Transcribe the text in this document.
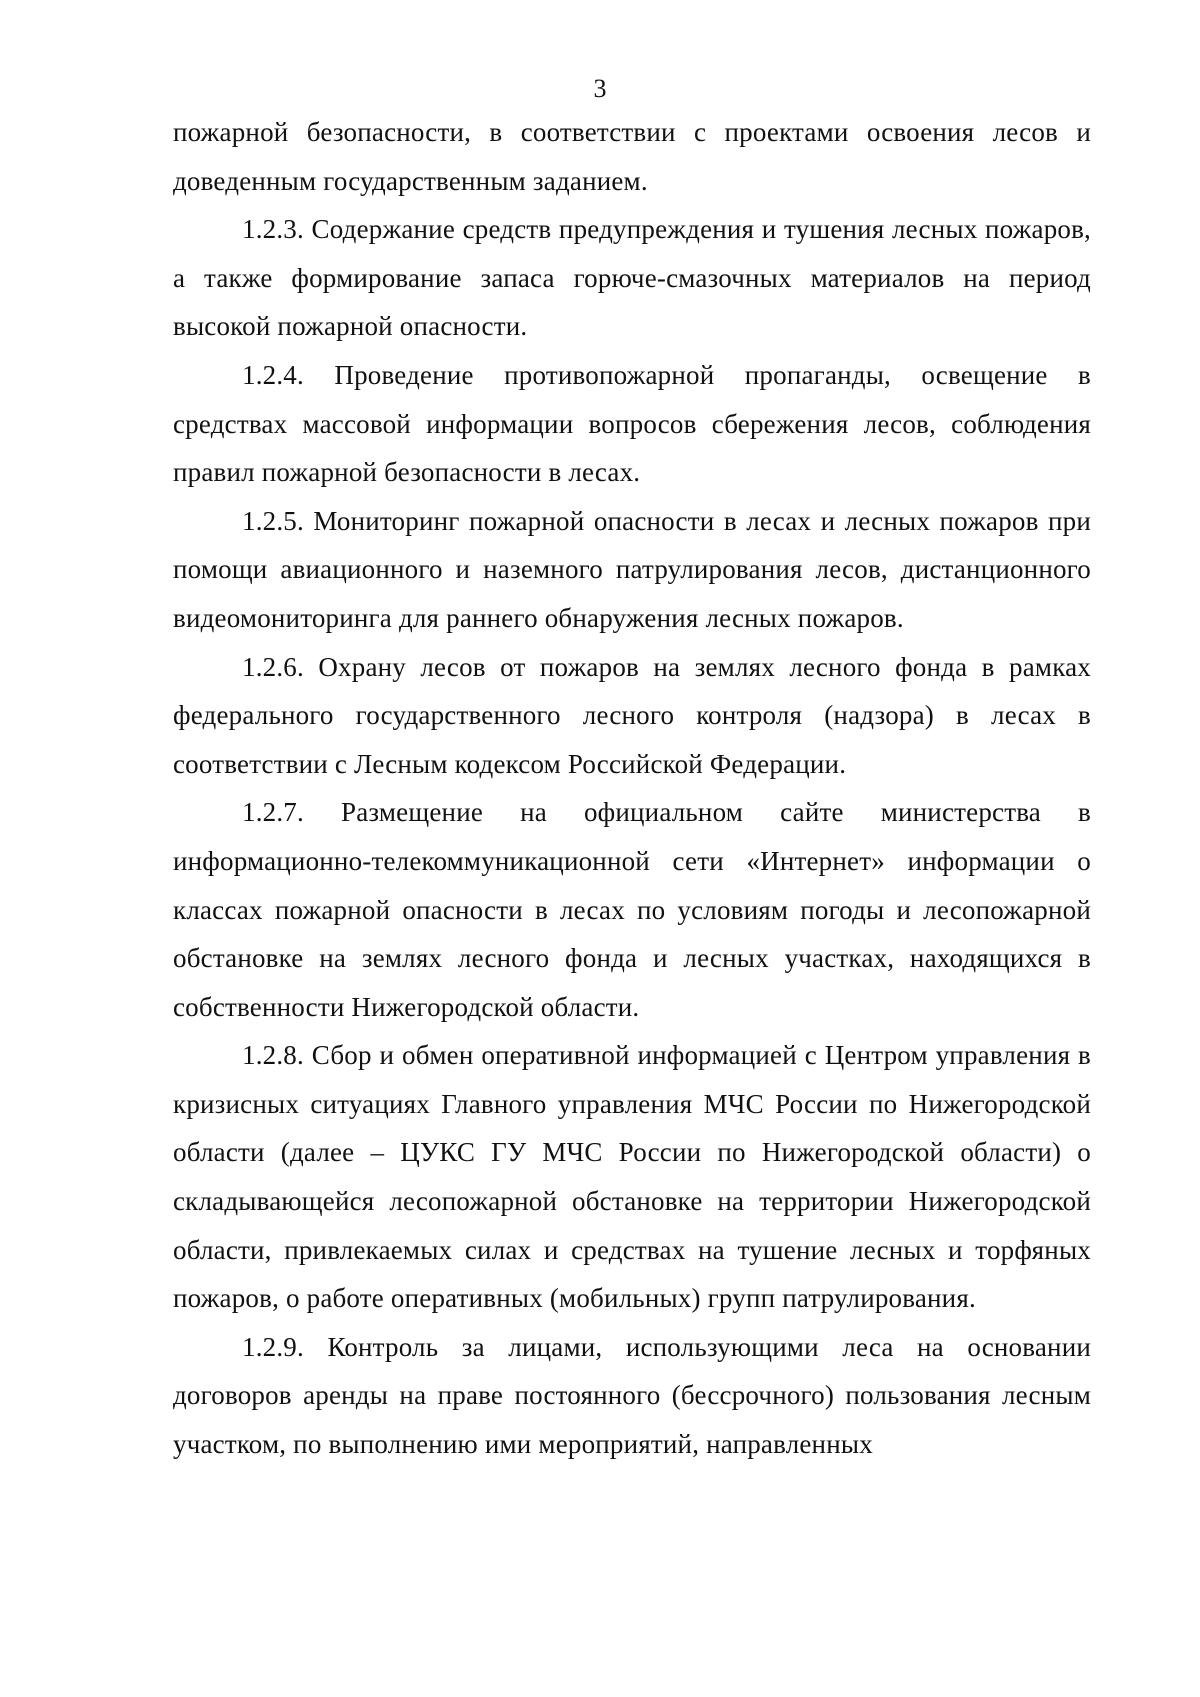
3

пожарной безопасности, в соответствии с проектами освоения лесов и доведенным государственным заданием.

1.2.3. Содержание средств предупреждения и тушения лесных пожаров, а также формирование запаса горюче-смазочных материалов на период высокой пожарной опасности.

1.2.4. Проведение противопожарной пропаганды, освещение в средствах массовой информации вопросов сбережения лесов, соблюдения правил пожарной безопасности в лесах.

1.2.5. Мониторинг пожарной опасности в лесах и лесных пожаров при помощи авиационного и наземного патрулирования лесов, дистанционного видеомониторинга для раннего обнаружения лесных пожаров.

1.2.6. Охрану лесов от пожаров на землях лесного фонда в рамках федерального государственного лесного контроля (надзора) в лесах в соответствии с Лесным кодексом Российской Федерации.

1.2.7. Размещение на официальном сайте министерства в информационно-телекоммуникационной сети «Интернет» информации о классах пожарной опасности в лесах по условиям погоды и лесопожарной обстановке на землях лесного фонда и лесных участках, находящихся в собственности Нижегородской области.

1.2.8. Сбор и обмен оперативной информацией с Центром управления в кризисных ситуациях Главного управления МЧС России по Нижегородской области (далее – ЦУКС ГУ МЧС России по Нижегородской области) о складывающейся лесопожарной обстановке на территории Нижегородской области, привлекаемых силах и средствах на тушение лесных и торфяных пожаров, о работе оперативных (мобильных) групп патрулирования.

1.2.9. Контроль за лицами, использующими леса на основании договоров аренды на праве постоянного (бессрочного) пользования лесным участком, по выполнению ими мероприятий, направленных
